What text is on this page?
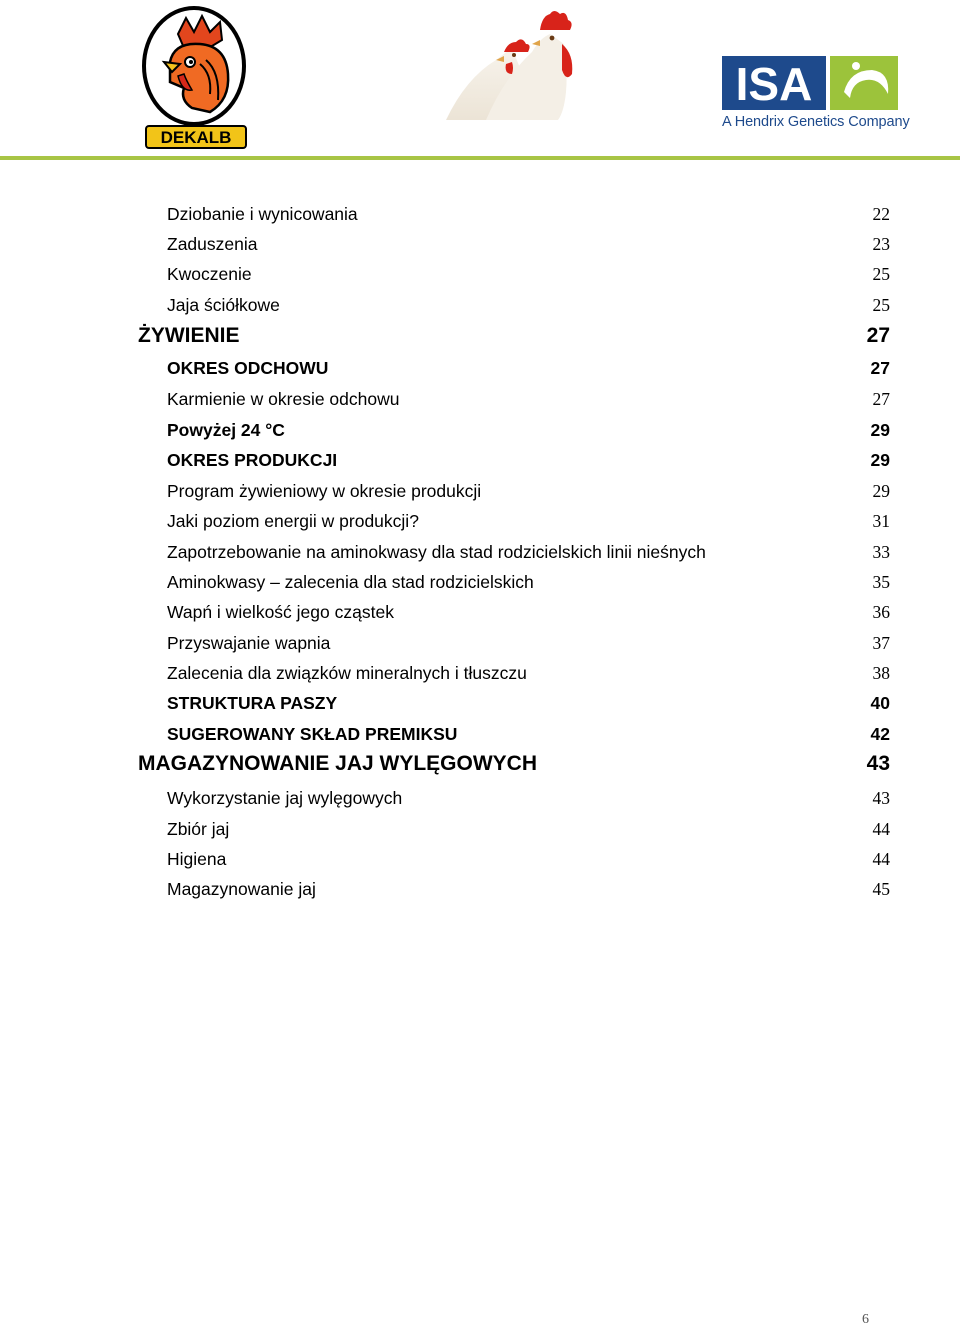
DEKALB
ISA
A Hendrix Genetics Company
Dziobanie i wynicowania	22
Zaduszenia	23
Kwoczenie	25
Jaja ściółkowe	25
ŻYWIENIE	27
OKRES ODCHOWU	27
Karmienie w okresie odchowu	27
Powyżej 24 °C	29
OKRES PRODUKCJI	29
Program żywieniowy w okresie produkcji	29
Jaki poziom energii w produkcji?	31
Zapotrzebowanie na aminokwasy dla stad rodzicielskich linii nieśnych	33
Aminokwasy – zalecenia dla stad rodzicielskich	35
Wapń i wielkość jego cząstek	36
Przyswajanie wapnia	37
Zalecenia dla związków mineralnych i tłuszczu	38
STRUKTURA PASZY	40
SUGEROWANY SKŁAD PREMIKSU	42
MAGAZYNOWANIE JAJ WYLĘGOWYCH	43
Wykorzystanie jaj wylęgowych	43
Zbiór jaj	44
Higiena	44
Magazynowanie jaj	45
6
